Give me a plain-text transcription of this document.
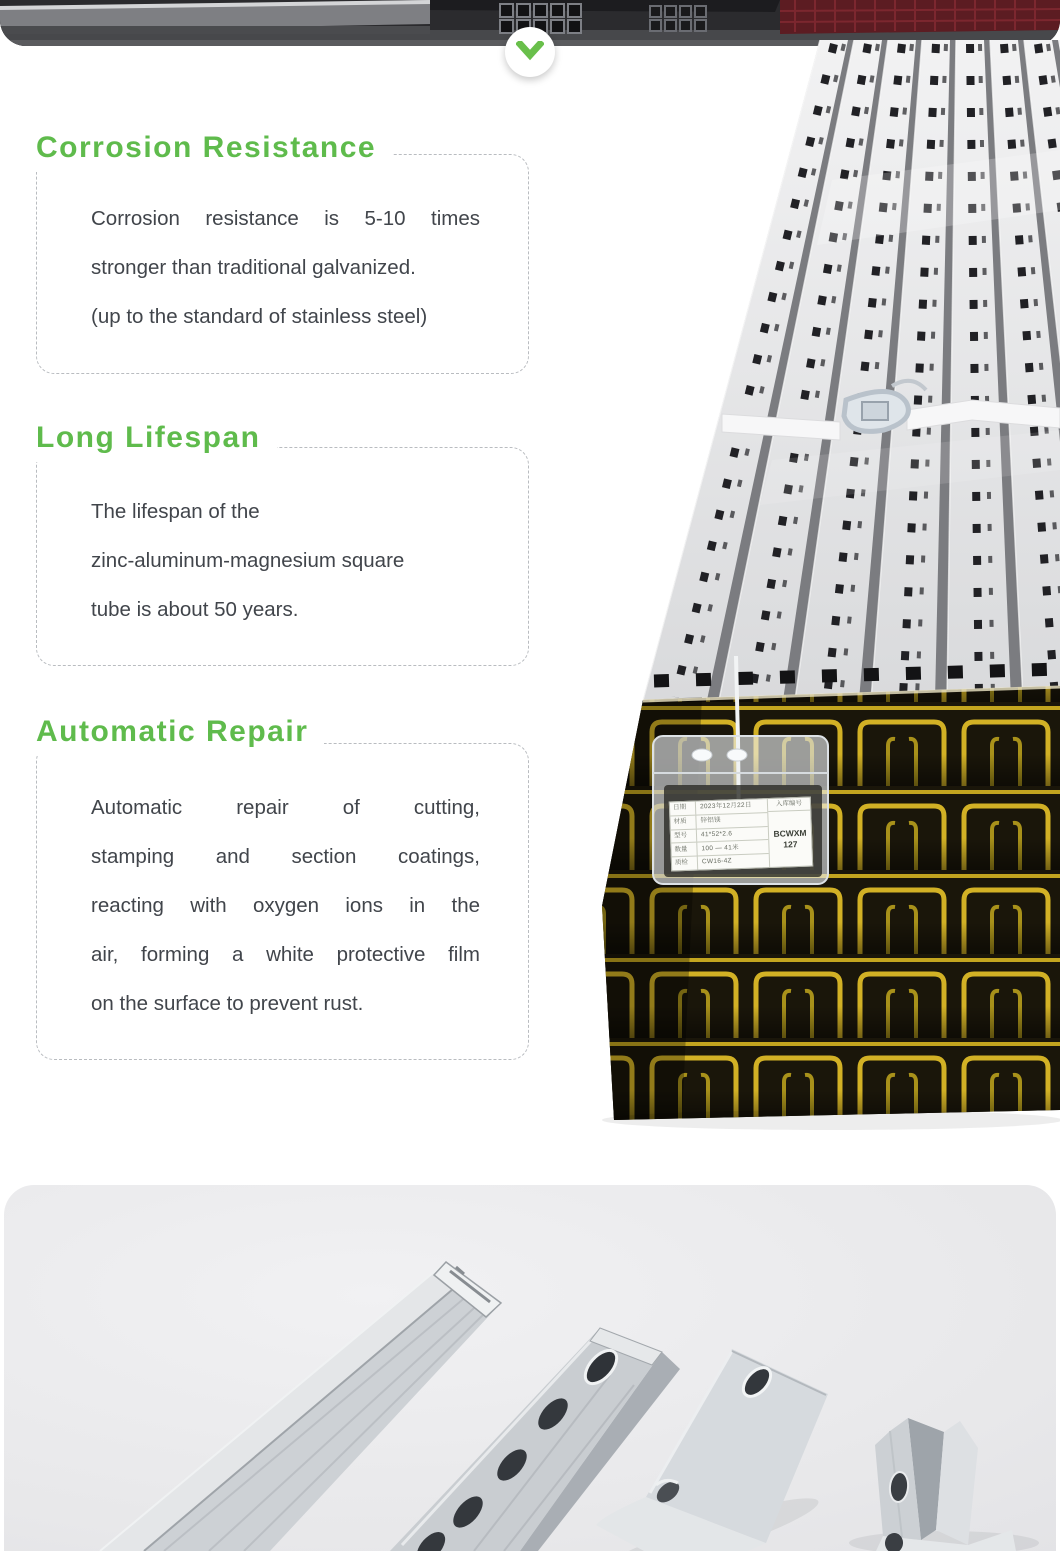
日期	2023年12月22日
材质	锌铝镁
型号	41*52*2.6
数量	100 — 41米
质检	CW16-4Z
入库编号
BCWXM
127
Corrosion Resistance
Corrosion resistance is 5-10 times
stronger than traditional galvanized.
(up to the standard of stainless steel)
Long Lifespan
The lifespan of the
zinc-aluminum-magnesium square
tube is about 50 years.
Automatic Repair
Automatic repair of cutting,
stamping and section coatings,
reacting with oxygen ions in the
air, forming a white protective film
on the surface to prevent rust.
